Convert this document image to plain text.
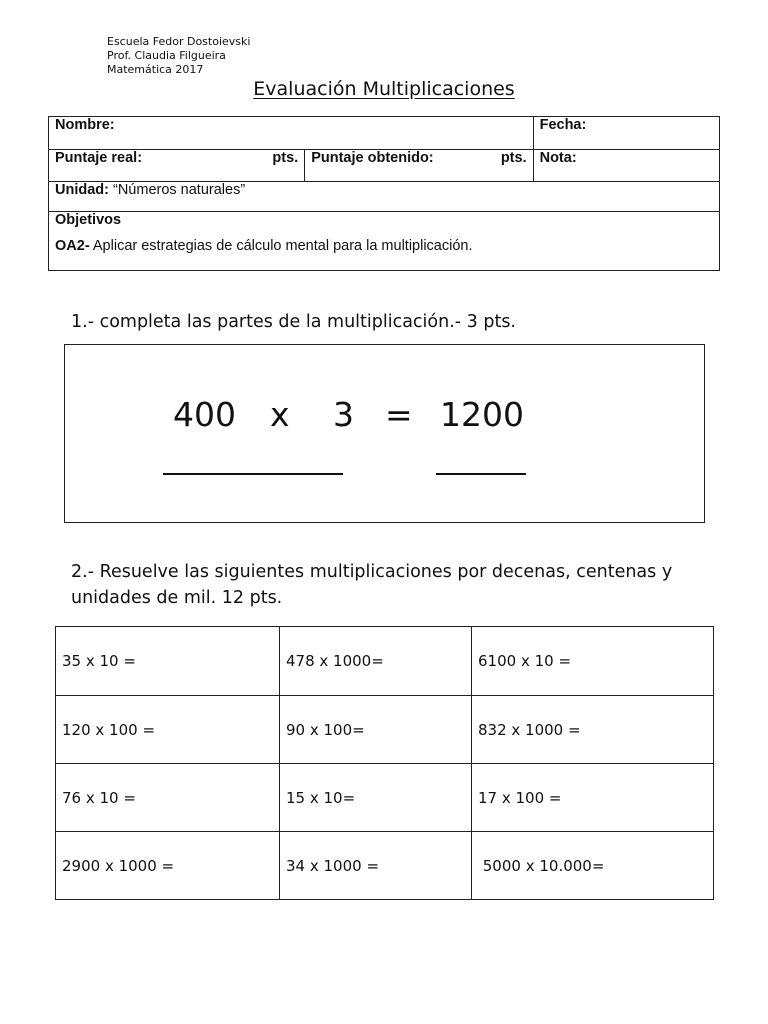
Escuela Fedor Dostoievski
Prof. Claudia Filgueira
Matemática 2017
Evaluación Multiplicaciones
Nombre:		Fecha:

Puntaje real: pts.	Puntaje obtenido: pts.	Nota:
Unidad: “Números naturales”		

Objetivos
OA2- Aplicar estrategias de cálculo mental para la multiplicación.		
1.- completa las partes de la multiplicación.- 3 pts.
400 x 3 = 1200
2.- Resuelve las siguientes multiplicaciones por decenas, centenas y unidades de mil. 12 pts.
35 x 10 =	478 x 1000=	6100 x 10 =
120 x 100 =	90 x 100=	832 x 1000 =
76 x 10 =	15 x 10=	17 x 100 =
2900 x 1000 =	34 x 1000 =	5000 x 10.000=
